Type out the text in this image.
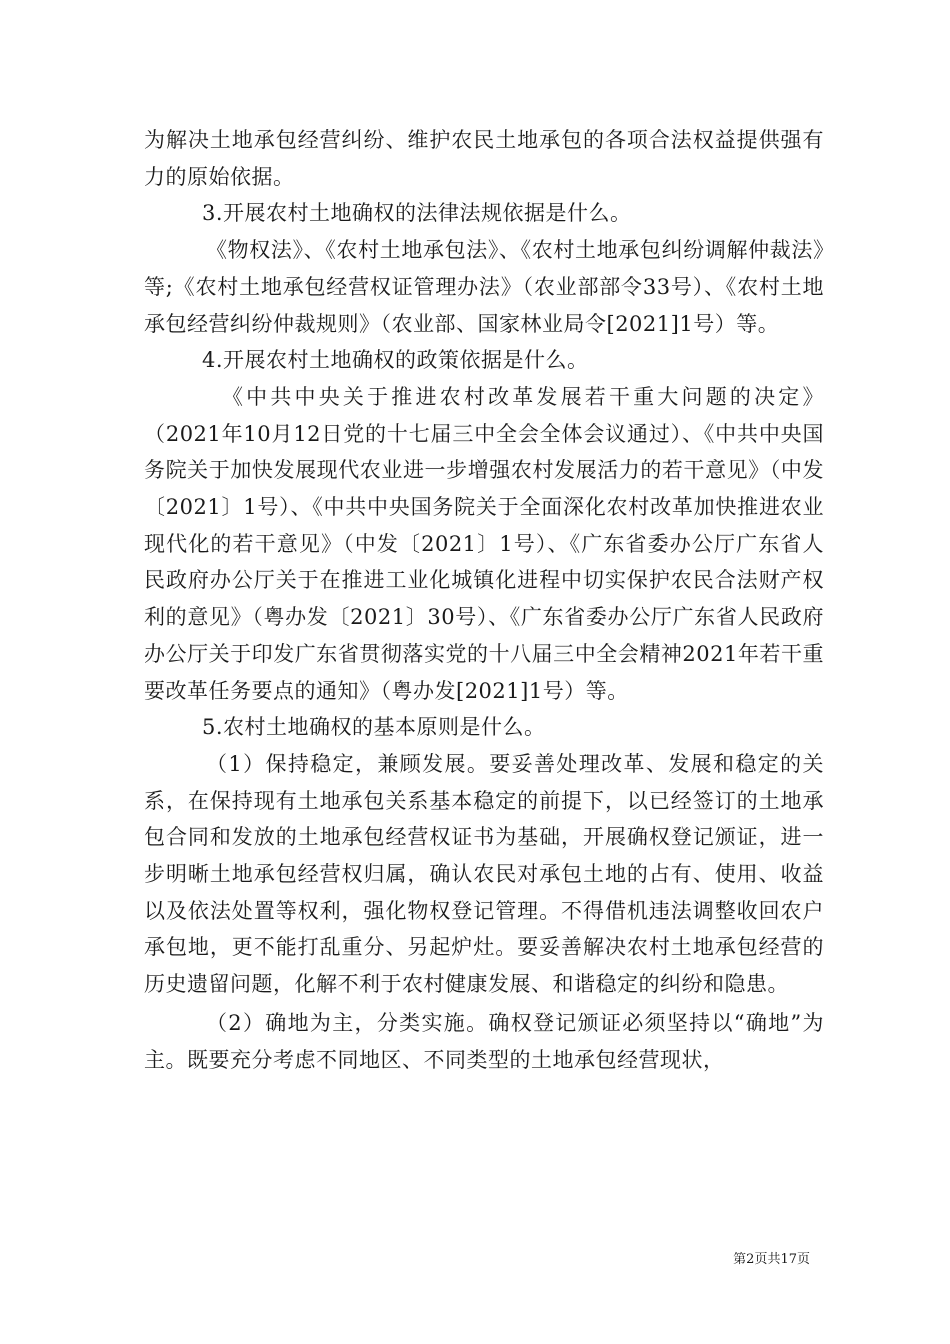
为解决土地承包经营纠纷、维护农民土地承包的各项合法权益提供强有力的原始依据。

3.开展农村土地确权的法律法规依据是什么。

《物权法》、《农村土地承包法》、《农村土地承包纠纷调解仲裁法》等;《农村土地承包经营权证管理办法》（农业部部令33号）、《农村土地承包经营纠纷仲裁规则》（农业部、国家林业局令[2021]1号）等。

4.开展农村土地确权的政策依据是什么。

《中共中央关于推进农村改革发展若干重大问题的决定》（2021年10月12日党的十七届三中全会全体会议通过）、《中共中央国务院关于加快发展现代农业进一步增强农村发展活力的若干意见》（中发〔2021〕1号）、《中共中央国务院关于全面深化农村改革加快推进农业现代化的若干意见》（中发〔2021〕1号）、《广东省委办公厅广东省人民政府办公厅关于在推进工业化城镇化进程中切实保护农民合法财产权利的意见》（粤办发〔2021〕30号）、《广东省委办公厅广东省人民政府办公厅关于印发广东省贯彻落实党的十八届三中全会精神2021年若干重要改革任务要点的通知》（粤办发[2021]1号）等。

5.农村土地确权的基本原则是什么。

（1）保持稳定，兼顾发展。要妥善处理改革、发展和稳定的关系，在保持现有土地承包关系基本稳定的前提下，以已经签订的土地承包合同和发放的土地承包经营权证书为基础，开展确权登记颁证，进一步明晰土地承包经营权归属，确认农民对承包土地的占有、使用、收益以及依法处置等权利，强化物权登记管理。不得借机违法调整收回农户承包地，更不能打乱重分、另起炉灶。要妥善解决农村土地承包经营的历史遗留问题，化解不利于农村健康发展、和谐稳定的纠纷和隐患。

（2）确地为主，分类实施。确权登记颁证必须坚持以“确地”为主。既要充分考虑不同地区、不同类型的土地承包经营现状，

第2页共17页
